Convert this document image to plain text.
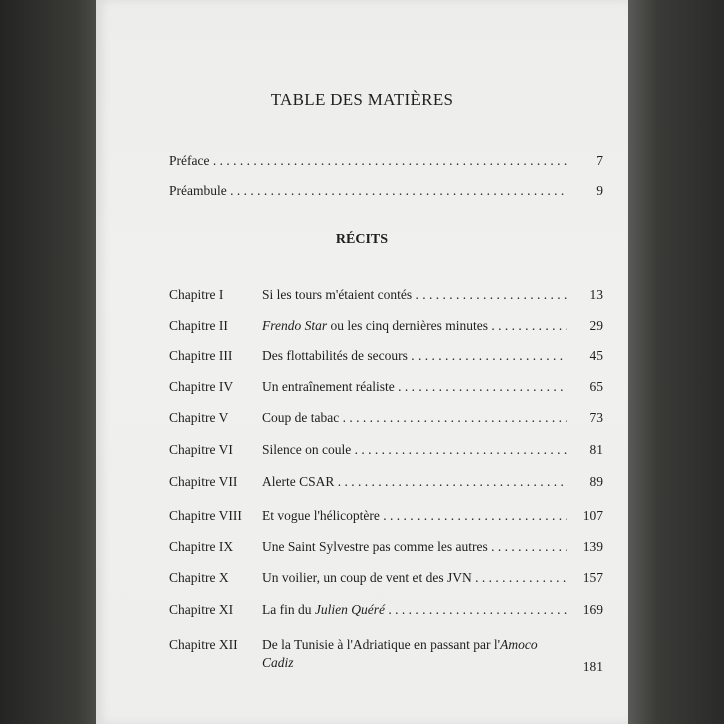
TABLE DES MATIÈRES
Préface . . .	7
Préambule . . .	9
RÉCITS
Chapitre I	Si les tours m'étaient contés . . .	13
Chapitre II	Frendo Star ou les cinq dernières minutes . . .	29
Chapitre III Des flottabilités de secours . . .	45
Chapitre IV Un entraînement réaliste . . .	65
Chapitre V Coup de tabac . . .	73
Chapitre VI Silence on coule . . .	81
Chapitre VII Alerte CSAR . . .	89
Chapitre VIII Et vogue l'hélicoptère . . .	107
Chapitre IX Une Saint Sylvestre pas comme les autres . . .	139
Chapitre X Un voilier, un coup de vent et des JVN . . .	157
Chapitre XI La fin du Julien Quéré . . .	169
Chapitre XII De la Tunisie à l'Adriatique en passant par l'Amoco Cadiz	181
